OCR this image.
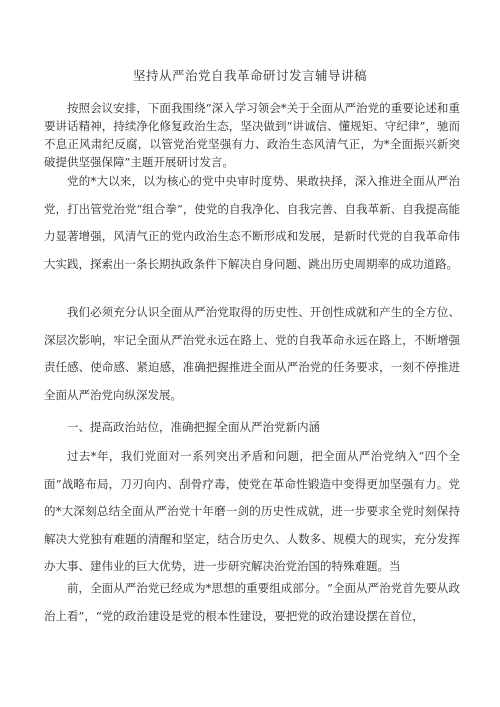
坚持从严治党自我革命研讨发言辅导讲稿

按照会议安排，下面我围绕“深入学习领会*关于全面从严治党的重要论述和重要讲话精神，持续净化修复政治生态，坚决做到“讲诚信、懂规矩、守纪律”，驰而不息正风肃纪反腐，以管党治党坚强有力、政治生态风清气正，为*全面振兴新突破提供坚强保障”主题开展研讨发言。

党的*大以来，以为核心的党中央审时度势、果敢抉择，深入推进全面从严治党，打出管党治党“组合拳”，使党的自我净化、自我完善、自我革新、自我提高能力显著增强，风清气正的党内政治生态不断形成和发展，是新时代党的自我革命伟大实践，探索出一条长期执政条件下解决自身问题、跳出历史周期率的成功道路。

我们必须充分认识全面从严治党取得的历史性、开创性成就和产生的全方位、深层次影响，牢记全面从严治党永远在路上、党的自我革命永远在路上，不断增强责任感、使命感、紧迫感，准确把握推进全面从严治党的任务要求，一刻不停推进全面从严治党向纵深发展。

一、提高政治站位，准确把握全面从严治党新内涵

过去*年，我们党面对一系列突出矛盾和问题，把全面从严治党纳入“四个全面”战略布局，刀刃向内、刮骨疗毒，使党在革命性锻造中变得更加坚强有力。党的*大深刻总结全面从严治党十年磨一剑的历史性成就，进一步要求全党时刻保持解决大党独有难题的清醒和坚定，结合历史久、人数多、规模大的现实，充分发挥办大事、建伟业的巨大优势，进一步研究解决治党治国的特殊难题。当

前，全面从严治党已经成为*思想的重要组成部分。“全面从严治党首先要从政治上看”，“党的政治建设是党的根本性建设，要把党的政治建设摆在首位，
